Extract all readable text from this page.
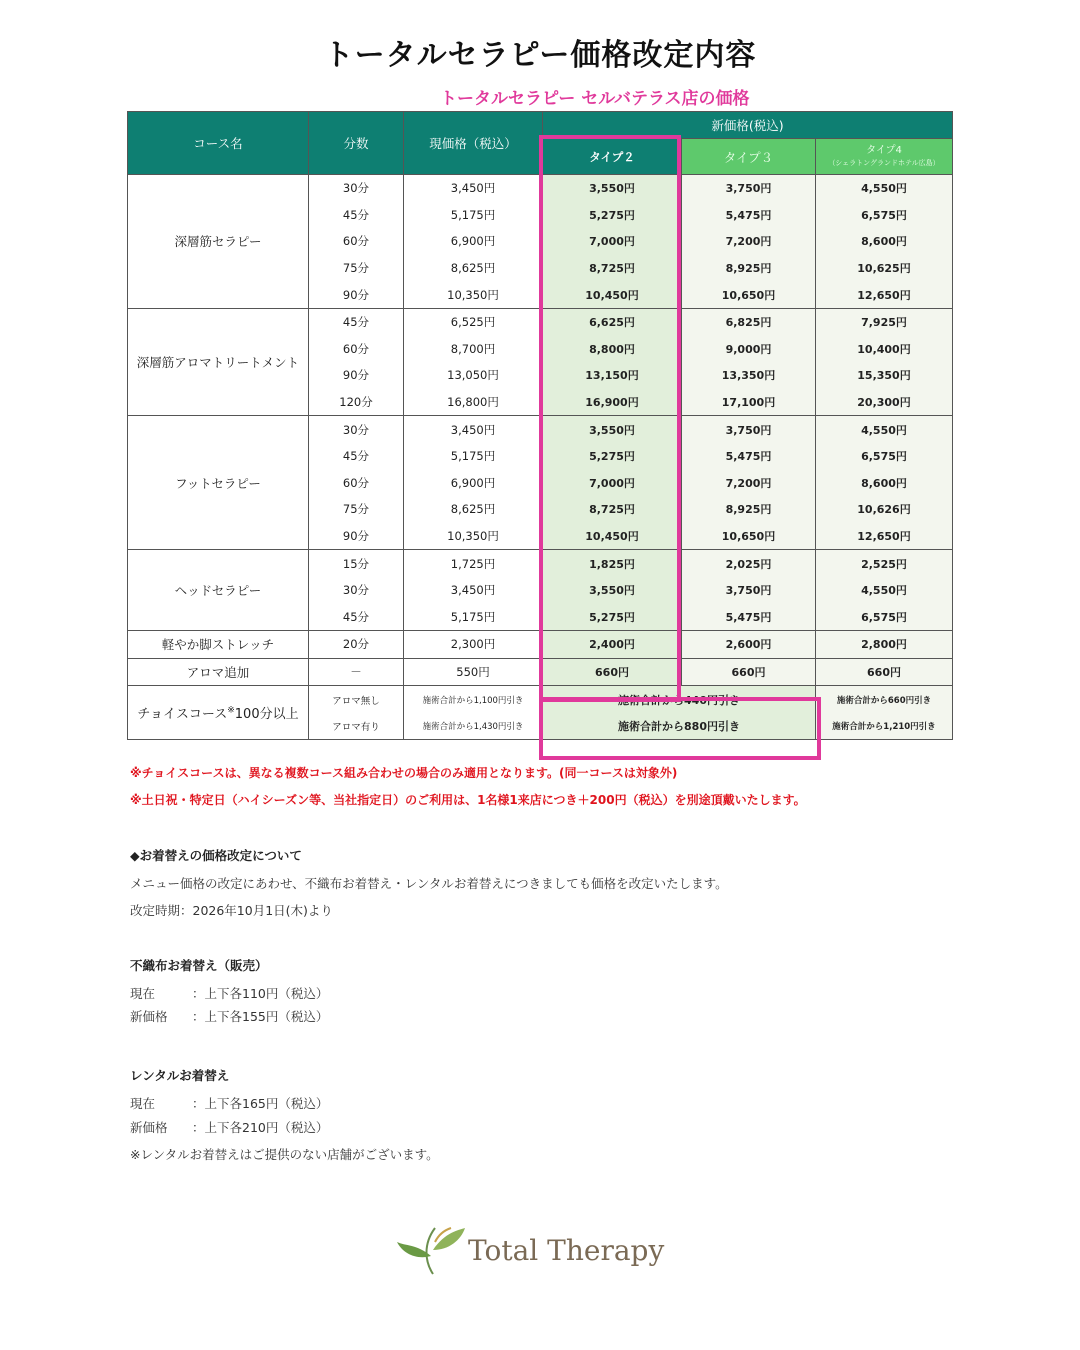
トータルセラピー価格改定内容
トータルセラピー セルバテラス店の価格
コース名	分数	現価格（税込）	新価格(税込)		
			タイプ２	タイプ３	タイプ4
（シェラトングランドホテル広島）

深層筋セラピー	30分	3,450円	3,550円	3,750円	4,550円
	45分	5,175円	5,275円	5,475円	6,575円
	60分	6,900円	7,000円	7,200円	8,600円
	75分	8,625円	8,725円	8,925円	10,625円
	90分	10,350円	10,450円	10,650円	12,650円
深層筋アロマトリートメント	45分	6,525円	6,625円	6,825円	7,925円
	60分	8,700円	8,800円	9,000円	10,400円
	90分	13,050円	13,150円	13,350円	15,350円
	120分	16,800円	16,900円	17,100円	20,300円
フットセラピー	30分	3,450円	3,550円	3,750円	4,550円
	45分	5,175円	5,275円	5,475円	6,575円
	60分	6,900円	7,000円	7,200円	8,600円
	75分	8,625円	8,725円	8,925円	10,626円
	90分	10,350円	10,450円	10,650円	12,650円
ヘッドセラピー	15分	1,725円	1,825円	2,025円	2,525円
	30分	3,450円	3,550円	3,750円	4,550円
	45分	5,175円	5,275円	5,475円	6,575円
軽やか脚ストレッチ	20分	2,300円	2,400円	2,600円	2,800円
アロマ追加	－	550円	660円	660円	660円
チョイスコース※100分以上	アロマ無し	施術合計から1,100円引き	施術合計から440円引き		施術合計から660円引き
	アロマ有り	施術合計から1,430円引き	施術合計から880円引き		施術合計から1,210円引き
※チョイスコースは、異なる複数コース組み合わせの場合のみ適用となります。(同一コースは対象外)
※土日祝・特定日（ハイシーズン等、当社指定日）のご利用は、1名様1来店につき＋200円（税込）を別途頂戴いたします。
◆お着替えの価格改定について
メニュー価格の改定にあわせ、不織布お着替え・レンタルお着替えにつきましても価格を改定いたします。
改定時期：2026年10月1日(木)より
不織布お着替え（販売）
現在	：上下各110円（税込）
新価格 ：上下各155円（税込）
レンタルお着替え
現在	：上下各165円（税込）
新価格 ：上下各210円（税込）
※レンタルお着替えはご提供のない店舗がございます。
Total Therapy
